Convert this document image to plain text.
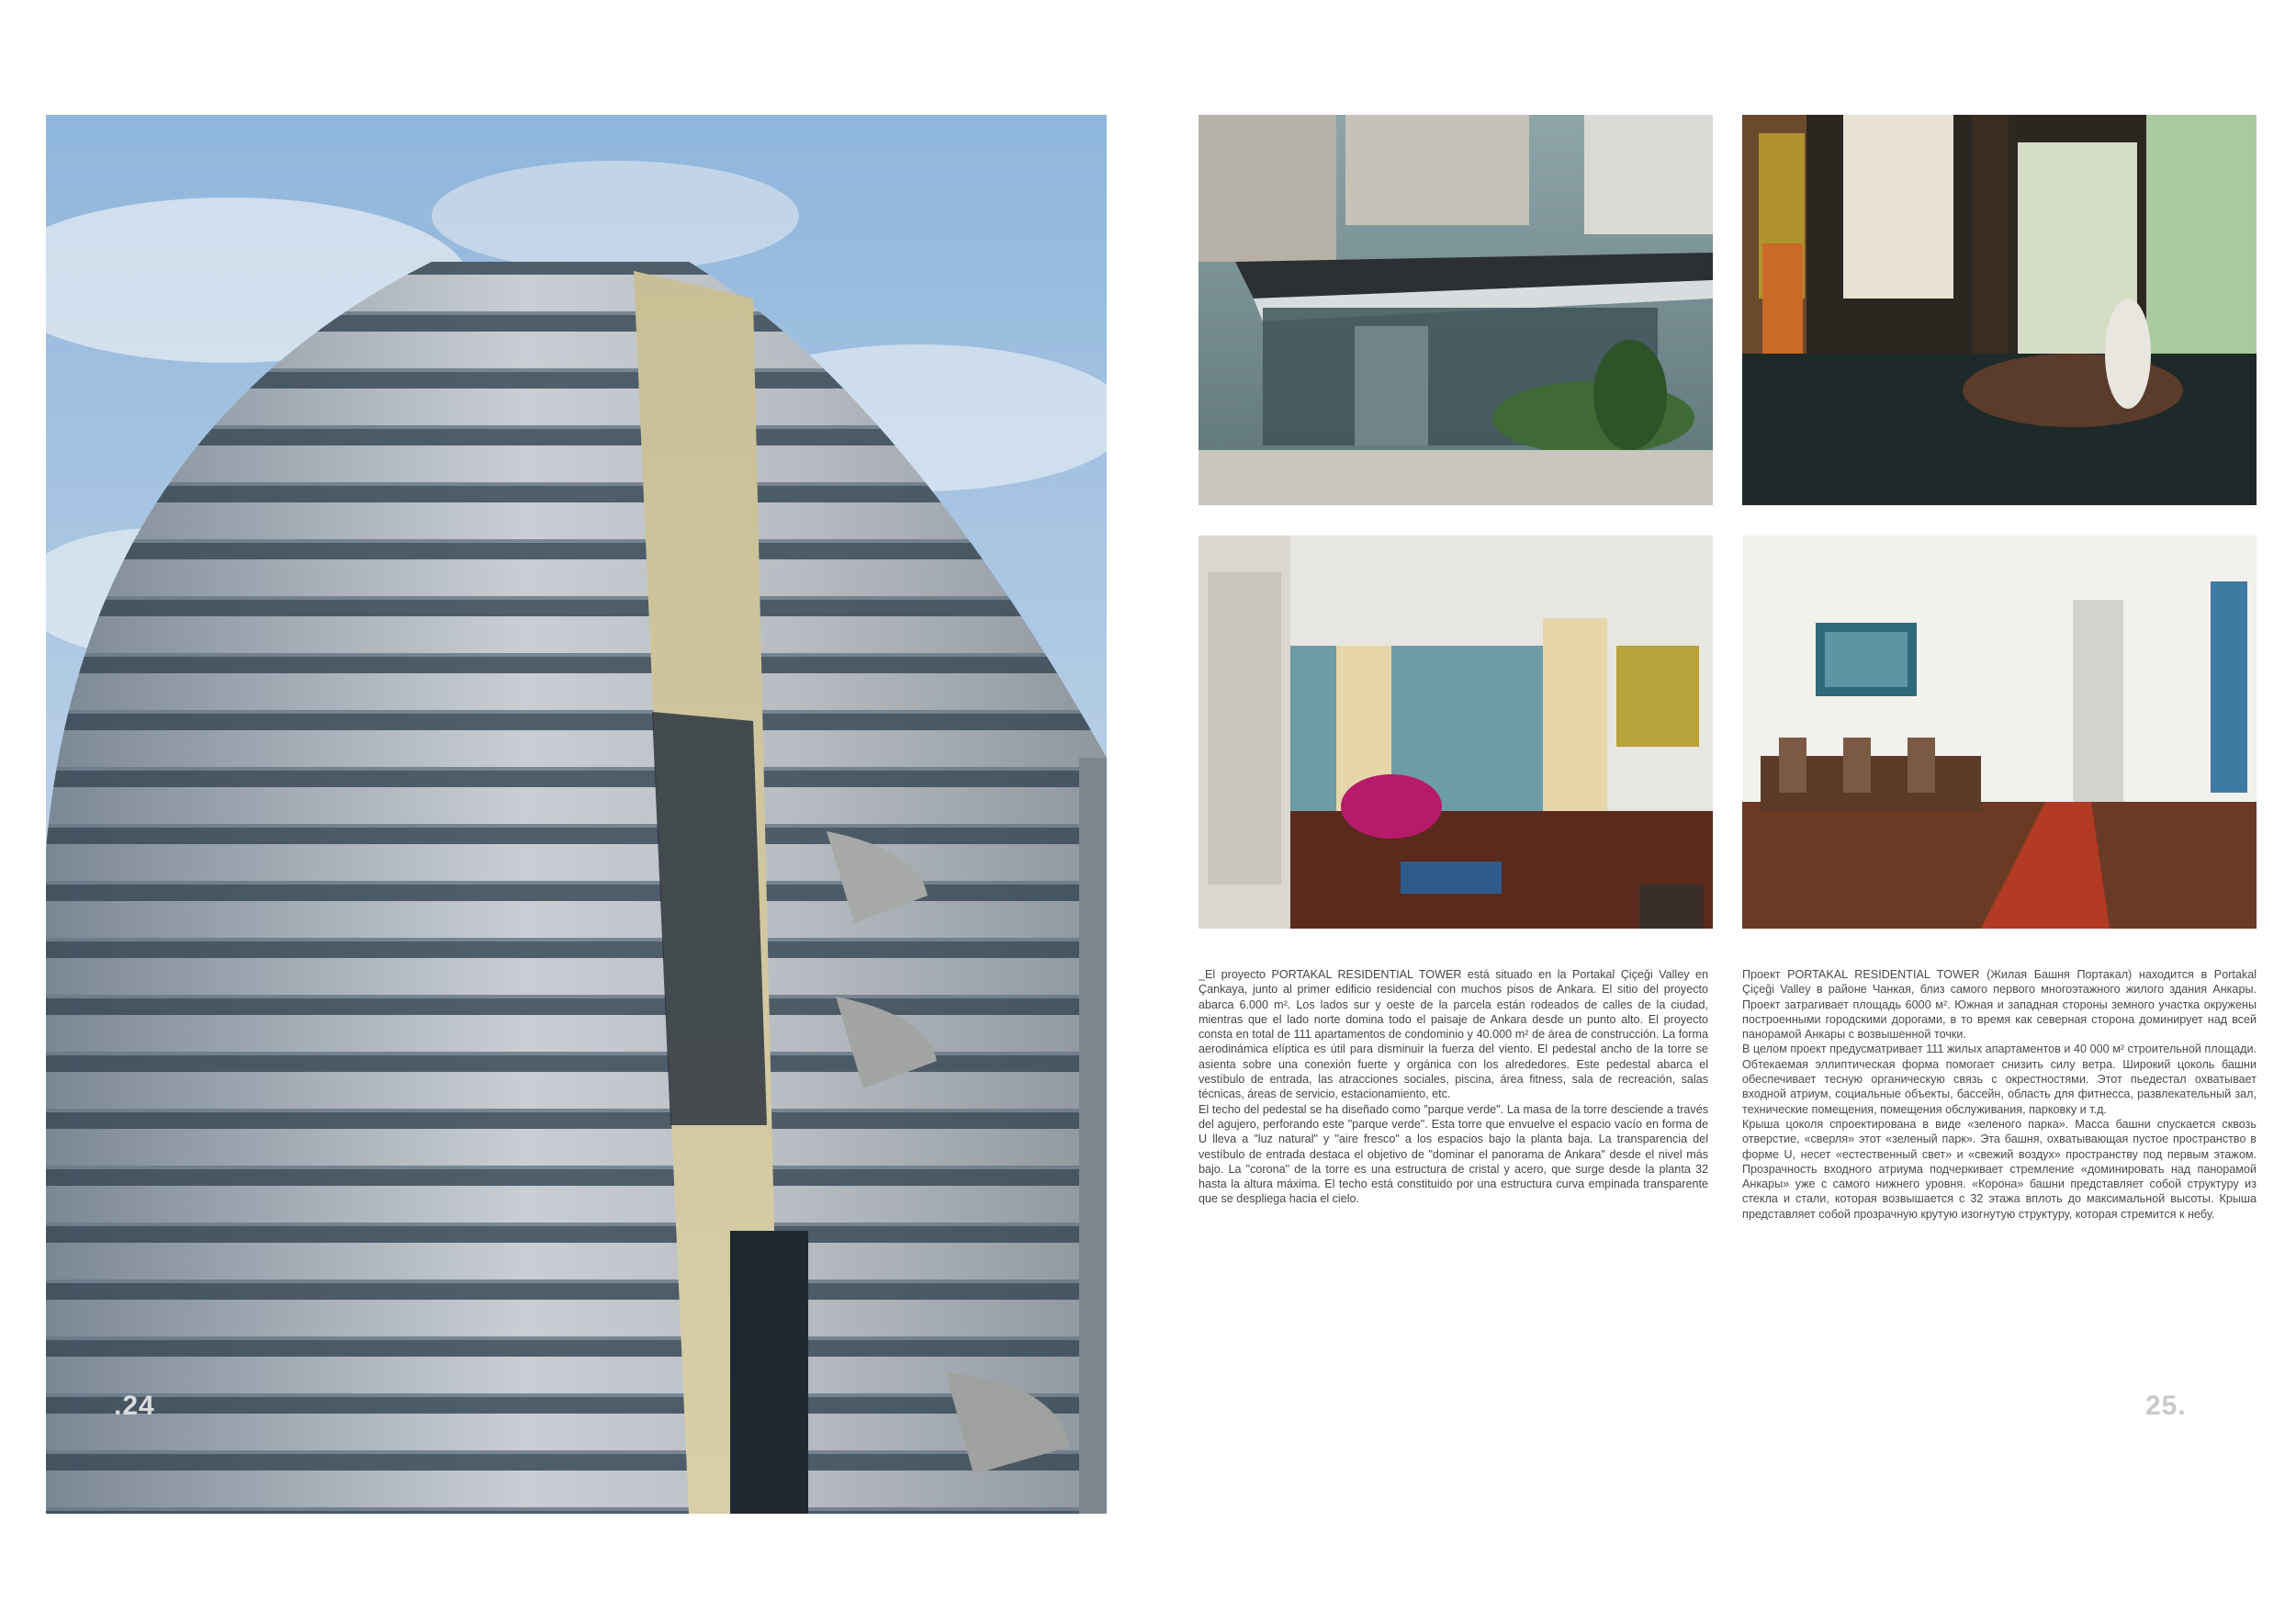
.24

_El proyecto PORTAKAL RESIDENTIAL TOWER está situado en la Portakal Çiçeği Valley en Çankaya, junto al primer edificio residencial con muchos pisos de Ankara. El sitio del proyecto abarca 6.000 m². Los lados sur y oeste de la parcela están rodeados de calles de la ciudad, mientras que el lado norte domina todo el paisaje de Ankara desde un punto alto. El proyecto consta en total de 111 apartamentos de condominio y 40.000 m² de área de construcción. La forma aerodinámica elíptica es útil para disminuir la fuerza del viento. El pedestal ancho de la torre se asienta sobre una conexión fuerte y orgánica con los alrededores. Este pedestal abarca el vestíbulo de entrada, las atracciones sociales, piscina, área fitness, sala de recreación, salas técnicas, áreas de servicio, estacionamiento, etc.

El techo del pedestal se ha diseñado como "parque verde". La masa de la torre desciende a través del agujero, perforando este "parque verde". Esta torre que envuelve el espacio vacío en forma de U lleva a "luz natural" y "aire fresco" a los espacios bajo la planta baja. La transparencia del vestíbulo de entrada destaca el objetivo de "dominar el panorama de Ankara" desde el nivel más bajo. La "corona" de la torre es una estructura de cristal y acero, que surge desde la planta 32 hasta la altura máxima. El techo está constituido por una estructura curva empinada transparente que se despliega hacia el cielo.

Проект PORTAKAL RESIDENTIAL TOWER (Жилая Башня Портакал) находится в Portakal Çiçeği Valley в районе Чанкая, близ самого первого многоэтажного жилого здания Анкары. Проект затрагивает площадь 6000 м². Южная и западная стороны земного участка окружены построенными городскими дорогами, в то время как северная сторона доминирует над всей панорамой Анкары с возвышенной точки.

В целом проект предусматривает 111 жилых апартаментов и 40 000 м² строительной площади. Обтекаемая эллиптическая форма помогает снизить силу ветра. Широкий цоколь башни обеспечивает тесную органическую связь с окрестностями. Этот пьедестал охватывает входной атриум, социальные объекты, бассейн, область для фитнесса, развлекательный зал, технические помещения, помещения обслуживания, парковку и т.д.

Крыша цоколя спроектирована в виде «зеленого парка». Масса башни спускается сквозь отверстие, «сверля» этот «зеленый парк». Эта башня, охватывающая пустое пространство в форме U, несет «естественный свет» и «свежий воздух» пространству под первым этажом. Прозрачность входного атриума подчеркивает стремление «доминировать над панорамой Анкары» уже с самого нижнего уровня. «Корона» башни представляет собой структуру из стекла и стали, которая возвышается с 32 этажа вплоть до максимальной высоты. Крыша представляет собой прозрачную крутую изогнутую структуру, которая стремится к небу.

25.
